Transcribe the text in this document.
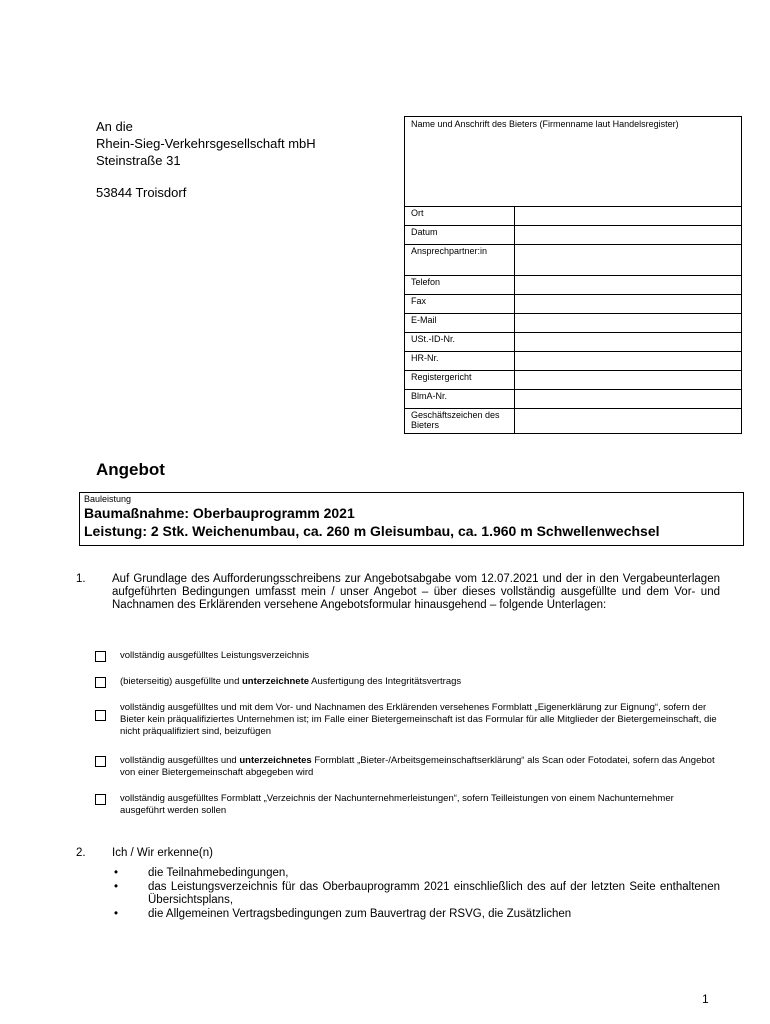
An die
Rhein-Sieg-Verkehrsgesellschaft mbH
Steinstraße 31
53844 Troisdorf
Name und Anschrift des Bieters (Firmenname laut Handelsregister)
Ort
Datum
Ansprechpartner:in
Telefon
Fax
E-Mail
USt.-ID-Nr.
HR-Nr.
Registergericht
BlmA-Nr.
Geschäftszeichen des Bieters
Angebot
Bauleistung
Baumaßnahme: Oberbauprogramm 2021
Leistung: 2 Stk. Weichenumbau, ca. 260 m Gleisumbau, ca. 1.960 m Schwellenwechsel
1. Auf Grundlage des Aufforderungsschreibens zur Angebotsabgabe vom 12.07.2021 und der in den Vergabeunterlagen aufgeführten Bedingungen umfasst mein / unser Angebot – über dieses vollständig ausgefüllte und dem Vor- und Nachnamen des Erklärenden versehene Angebotsformular hinausgehend – folgende Unterlagen:
vollständig ausgefülltes Leistungsverzeichnis
(bieterseitig) ausgefüllte und unterzeichnete Ausfertigung des Integritätsvertrags
vollständig ausgefülltes und mit dem Vor- und Nachnamen des Erklärenden versehenes Formblatt „Eigenerklärung zur Eignung“, sofern der Bieter kein präqualifiziertes Unternehmen ist; im Falle einer Bietergemeinschaft ist das Formular für alle Mitglieder der Bietergemeinschaft, die nicht präqualifiziert sind, beizufügen
vollständig ausgefülltes und unterzeichnetes Formblatt „Bieter-/Arbeitsgemeinschaftserklärung“ als Scan oder Fotodatei, sofern das Angebot von einer Bietergemeinschaft abgegeben wird
vollständig ausgefülltes Formblatt „Verzeichnis der Nachunternehmerleistungen“, sofern Teilleistungen von einem Nachunternehmer ausgeführt werden sollen
2. Ich / Wir erkenne(n)
•	die Teilnahmebedingungen,
•	das Leistungsverzeichnis für das Oberbauprogramm 2021 einschließlich des auf der letzten Seite enthaltenen Übersichtsplans,
•	die Allgemeinen Vertragsbedingungen zum Bauvertrag der RSVG, die Zusätzlichen
1
